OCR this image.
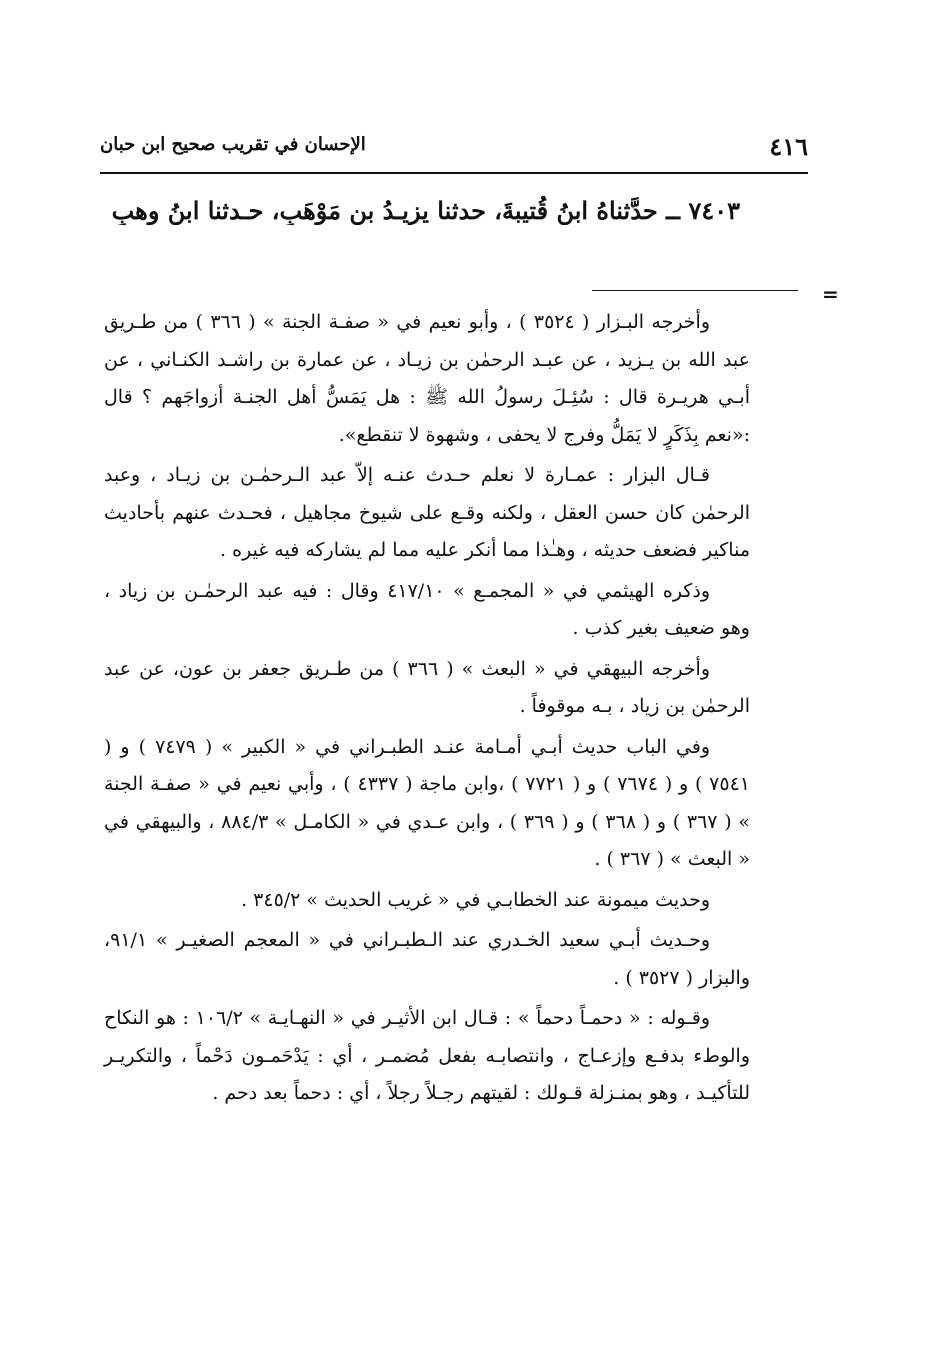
٤١٦
الإحسان في تقريب صحيح ابن حبان
٧٤٠٣ ــ حدَّثناهُ ابنُ قُتيبةَ، حدثنا يزيـدُ بن مَوْهَبٍ، حـدثنا ابنُ وهبٍ
=

وأخرجه البـزار ( ٣٥٢٤ ) ، وأبو نعيم في « صفـة الجنة » ( ٣٦٦ ) من طـريق عبد الله بن يـزيد ، عن عبـد الرحمٰن بن زيـاد ، عن عمارة بن راشـد الكنـاني ، عن أبـي هريـرة قال : سُئِـلَ رسولُ الله ﷺ : هل يَمَسُّ أهل الجنـة أزواجَهم ؟ قال :«نعم بِذَكَرٍ لا يَمَلُّ وفرج لا يحفى ، وشهوة لا تنقطع».

قـال البزار : عمـارة لا نعلم حـدث عنـه إلاّ عبد الـرحمٰـن بن زيـاد ، وعبد الرحمٰن كان حسن العقل ، ولكنه وقـع على شيوخ مجاهيل ، فحـدث عنهم بأحاديث مناكير فضعف حديثه ، وهـٰذا مما أنكر عليه مما لم يشاركه فيه غيره .

وذكره الهيثمي في « المجمـع » ٤١٧/١٠ وقال : فيه عبد الرحمٰـن بن زياد ، وهو ضعيف بغير كذب .

وأخرجه البيهقي في « البعث » ( ٣٦٦ ) من طـريق جعفر بن عون، عن عبد الرحمٰن بن زياد ، بـه موقوفاً .

وفي الباب حديث أبـي أمـامة عنـد الطبـراني في « الكبير » ( ٧٤٧٩ ) و ( ٧٥٤١ ) و ( ٧٦٧٤ ) و ( ٧٧٢١ ) ،وابن ماجة ( ٤٣٣٧ ) ، وأبي نعيم في « صفـة الجنة » ( ٣٦٧ ) و ( ٣٦٨ ) و ( ٣٦٩ ) ، وابن عـدي في « الكامـل » ٨٨٤/٣ ، والبيهقي في « البعث » ( ٣٦٧ ) .

وحديث ميمونة عند الخطابـي في « غريب الحديث » ٣٤٥/٢ .

وحـديث أبـي سعيد الخـدري عند الـطبـراني في « المعجم الصغيـر » ٩١/١، والبزار ( ٣٥٢٧ ) .

وقـوله : « دحمـاً دحماً » : قـال ابن الأثيـر في « النهـايـة » ١٠٦/٢ : هو النكاح والوطء بدفـع وإزعـاج ، وانتصابـه بفعل مُضمـر ، أي : يَدْحَمـون دَحْماً ، والتكريـر للتأكيـد ، وهو بمنـزلة قـولك : لقيتهم رجـلاً رجلاً ، أي : دحماً بعد دحم .
